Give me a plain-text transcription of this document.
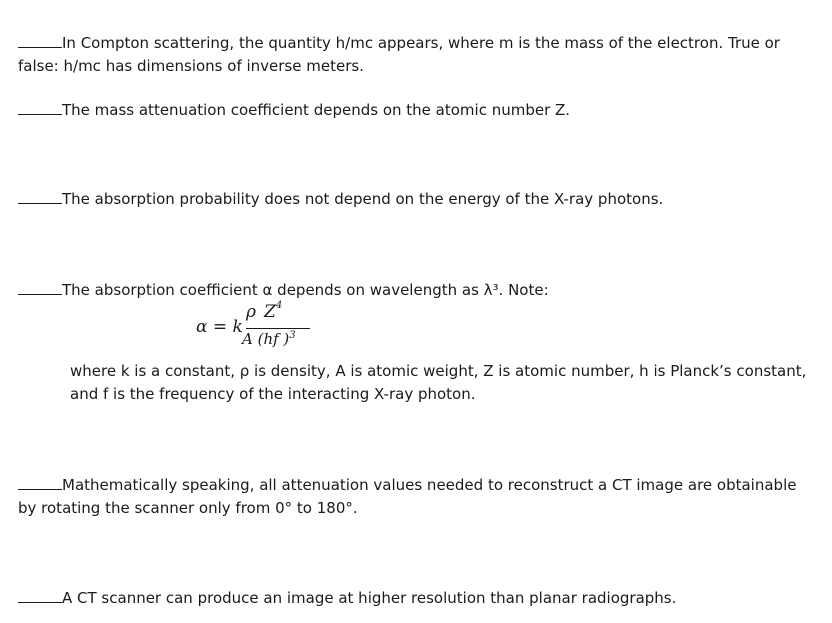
In Compton scattering, the quantity h/mc appears, where m is the mass of the electron. True or false: h/mc has dimensions of inverse meters.

The mass attenuation coefficient depends on the atomic number Z.

The absorption probability does not depend on the energy of the X-ray photons.

The absorption coefficient α depends on wavelength as λ³. Note:

α = k
ρ $Z^4$
A (hf )$^3$

where k is a constant, ρ is density, A is atomic weight, Z is atomic number, h is Planck’s constant, and f is the frequency of the interacting X-ray photon.

Mathematically speaking, all attenuation values needed to reconstruct a CT image are obtainable by rotating the scanner only from 0° to 180°.

A CT scanner can produce an image at higher resolution than planar radiographs.
